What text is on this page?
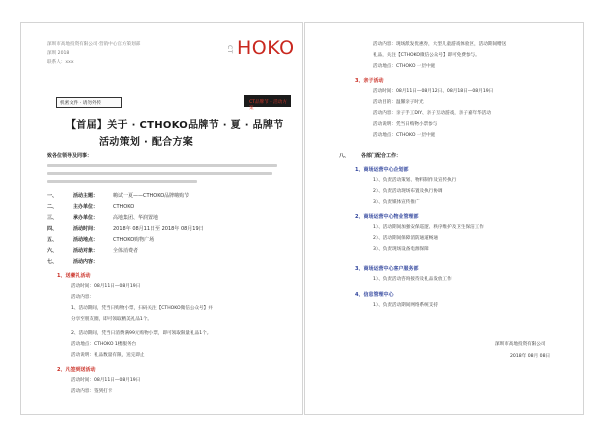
深圳市高地投资有限公司·营销中心官方策划部
深圳 2018
联系人：xxx
CT HOKO
机密文件 · 请勿外传	CT品牌节 · 活动方案
【首届】关于 · CTHOKO品牌节 · 夏 · 品牌节
活动策划 · 配合方案
致各位领导及同事：
一、	活动主题：	嗨试一夏——CTHOKO品牌嗨购节
二、	主办单位：	CTHOKO
三、	承办单位：	高地集团、华润置地
四、	活动时间：	2018年 08月11日至 2018年 08月19日
五、	活动地点：	CTHOKO购物广场
六、	活动对象：	全体消费者
七、	活动内容：
1、送豪礼活动
活动时间：08月11日—08月19日
活动内容：
1、活动期间，凭当日购物小票，扫码关注【CTHOKO微信公众号】并
分享至朋友圈，即可领取精美礼品1个。
2、活动期间，凭当日消费满99元购物小票，即可领取限量礼品1个。
活动地点：CTHOKO 1楼服务台
活动说明：礼品数量有限，送完即止
2、凡签到送活动
活动时间：08月11日—08月19日
活动内容：签到打卡
活动内容：现场派发优惠券，大型儿童游戏体验区，活动期间赠送
礼品，关注【CTHOKO微信公众号】即可免费参与。
活动地点：CTHOKO 一层中庭
3、亲子活动
活动时间：08月11日—08月12日、08月18日—08月19日
活动目的：温馨亲子时光
活动内容：亲子手工DIY、亲子互动游戏，亲子嘉年华活动
活动说明：凭当日购物小票参与
活动地点：CTHOKO 一层中庭
八、 各部门配合工作：
1、商场运营中心企划部
1）、负责活动策划、物料制作及宣传执行
2）、负责活动现场布置及执行协调
3）、负责媒体宣传推广
2、商场运营中心物业管理部
1）、活动期间加强安保巡逻、秩序维护及卫生保洁工作
2）、活动期间保障消防通道畅通
3）、负责现场设备电源保障
3、商场运营中心客户服务部
1）、负责活动咨询接待及礼品发放工作
4、信息管理中心
1）、负责活动期间网络系统支持
深圳市高地投资有限公司
2018年 08月 08日
